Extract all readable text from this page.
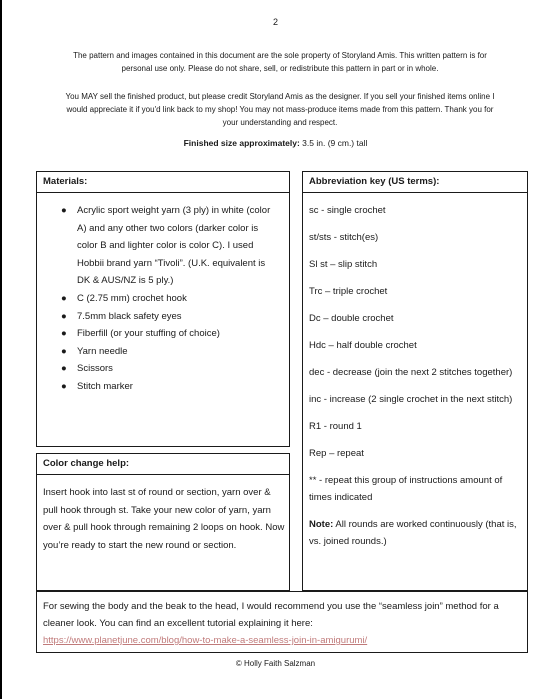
2

The pattern and images contained in this document are the sole property of Storyland Amis. This written pattern is for personal use only. Please do not share, sell, or redistribute this pattern in part or in whole.

You MAY sell the finished product, but please credit Storyland Amis as the designer. If you sell your finished items online I would appreciate it if you'd link back to my shop! You may not mass-produce items made from this pattern. Thank you for your understanding and respect.

Finished size approximately: 3.5 in. (9 cm.) tall
Materials:
● Acrylic sport weight yarn (3 ply) in white (color A) and any other two colors (darker color is color B and lighter color is color C). I used Hobbii brand yarn “Tivoli”. (U.K. equivalent is DK & AUS/NZ is 5 ply.)
● C (2.75 mm) crochet hook
● 7.5mm black safety eyes
● Fiberfill (or your stuffing of choice)
● Yarn needle
● Scissors
● Stitch marker
Abbreviation key (US terms):
sc - single crochet
st/sts - stitch(es)
Sl st – slip stitch
Trc – triple crochet
Dc – double crochet
Hdc – half double crochet
dec - decrease (join the next 2 stitches together)
inc - increase (2 single crochet in the next stitch)
R1 - round 1
Rep – repeat
** - repeat this group of instructions amount of times indicated
Note: All rounds are worked continuously (that is, vs. joined rounds.)
Color change help:
Insert hook into last st of round or section, yarn over & pull hook through st. Take your new color of yarn, yarn over & pull hook through remaining 2 loops on hook. Now you’re ready to start the new round or section.
For sewing the body and the beak to the head, I would recommend you use the “seamless join” method for a cleaner look. You can find an excellent tutorial explaining it here:
https://www.planetjune.com/blog/how-to-make-a-seamless-join-in-amigurumi/
© Holly Faith Salzman
